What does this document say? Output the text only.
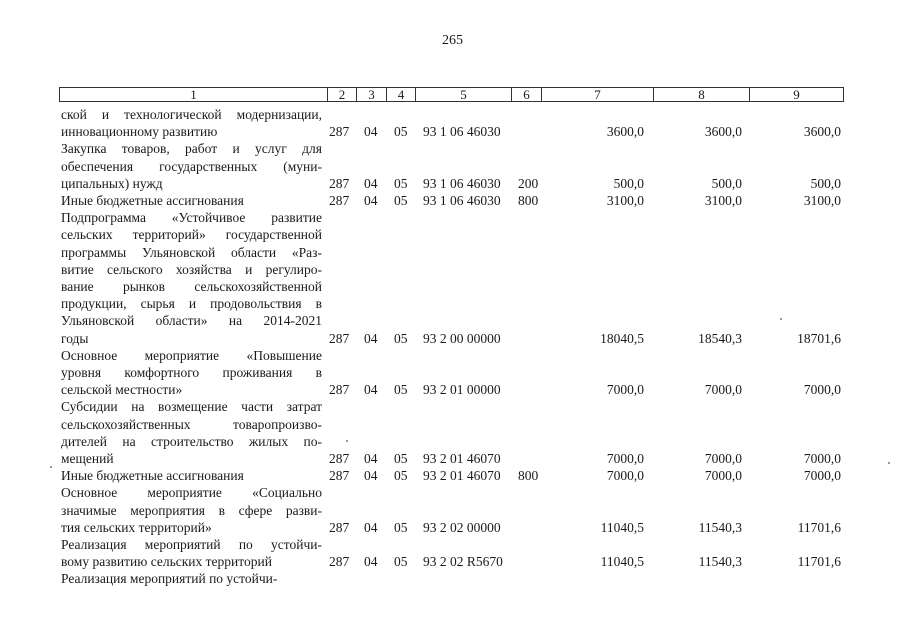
265
1	2	3	4	5	6	7	8	9
ской и технологической модернизации,
инновационному развитию	287 04 05 93 1 06 46030	3600,0	3600,0	3600,0
Закупка товаров, работ и услуг для
обеспечения государственных (муни-
ципальных) нужд	287 04 05 93 1 06 46030 200	500,0	500,0	500,0
Иные бюджетные ассигнования	287 04 05 93 1 06 46030 800	3100,0	3100,0	3100,0
Подпрограмма «Устойчивое развитие
сельских территорий» государственной
программы Ульяновской области «Раз-
витие сельского хозяйства и регулиро-
вание рынков сельскохозяйственной
продукции, сырья и продовольствия в
Ульяновской области» на 2014-2021
годы	287 04 05 93 2 00 00000	18040,5	18540,3	18701,6
Основное мероприятие «Повышение
уровня комфортного проживания в
сельской местности»	287 04 05 93 2 01 00000	7000,0	7000,0	7000,0
Субсидии на возмещение части затрат
сельскохозяйственных товаропроизво-
дителей на строительство жилых по-
мещений	287 04 05 93 2 01 46070	7000,0	7000,0	7000,0
Иные бюджетные ассигнования	287 04 05 93 2 01 46070 800	7000,0	7000,0	7000,0
Основное мероприятие «Социально
значимые мероприятия в сфере разви-
тия сельских территорий»	287 04 05 93 2 02 00000	11040,5	11540,3	11701,6
Реализация мероприятий по устойчи-
вому развитию сельских территорий	287 04 05 93 2 02 R5670	11040,5	11540,3	11701,6
Реализация мероприятий по устойчи-
